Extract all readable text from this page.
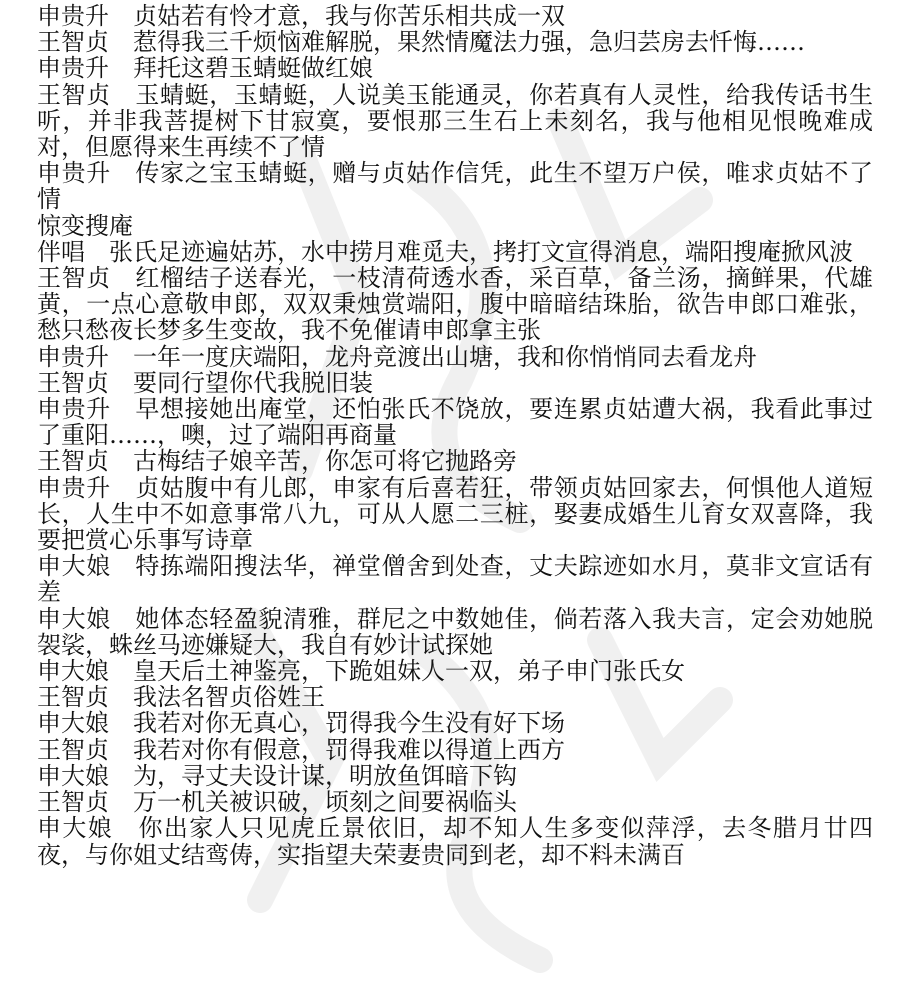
申贵升 贞姑若有怜才意，我与你苦乐相共成一双

王智贞 惹得我三千烦恼难解脱，果然情魔法力强，急归芸房去忏悔……

申贵升 拜托这碧玉蜻蜓做红娘

王智贞 玉蜻蜓，玉蜻蜓，人说美玉能通灵，你若真有人灵性，给我传话书生听，并非我菩提树下甘寂寞，要恨那三生石上未刻名，我与他相见恨晚难成对，但愿得来生再续不了情

申贵升 传家之宝玉蜻蜓，赠与贞姑作信凭，此生不望万户侯，唯求贞姑不了情

惊变搜庵

伴唱 张氏足迹遍姑苏，水中捞月难觅夫，拷打文宣得消息，端阳搜庵掀风波

王智贞 红榴结子送春光，一枝清荷透水香，采百草，备兰汤，摘鲜果，代雄黄，一点心意敬申郎，双双秉烛赏端阳，腹中暗暗结珠胎，欲告申郎口难张，愁只愁夜长梦多生变故，我不免催请申郎拿主张

申贵升 一年一度庆端阳，龙舟竞渡出山塘，我和你悄悄同去看龙舟

王智贞 要同行望你代我脱旧装

申贵升 早想接她出庵堂，还怕张氏不饶放，要连累贞姑遭大祸，我看此事过了重阳……，噢，过了端阳再商量

王智贞 古梅结子娘辛苦，你怎可将它抛路旁

申贵升 贞姑腹中有儿郎，申家有后喜若狂，带领贞姑回家去，何惧他人道短长，人生中不如意事常八九，可从人愿二三桩，娶妻成婚生儿育女双喜降，我要把赏心乐事写诗章

申大娘 特拣端阳搜法华，禅堂僧舍到处查，丈夫踪迹如水月，莫非文宣话有差

申大娘 她体态轻盈貌清雅，群尼之中数她佳，倘若落入我夫言，定会劝她脱袈裟，蛛丝马迹嫌疑大，我自有妙计试探她

申大娘 皇天后土神鉴亮，下跪姐妹人一双，弟子申门张氏女

王智贞 我法名智贞俗姓王

申大娘 我若对你无真心，罚得我今生没有好下场

王智贞 我若对你有假意，罚得我难以得道上西方

申大娘 为，寻丈夫设计谋，明放鱼饵暗下钩

王智贞 万一机关被识破，顷刻之间要祸临头

申大娘 你出家人只见虎丘景依旧，却不知人生多变似萍浮，去冬腊月廿四夜，与你姐丈结鸾俦，实指望夫荣妻贵同到老，却不料未满百
